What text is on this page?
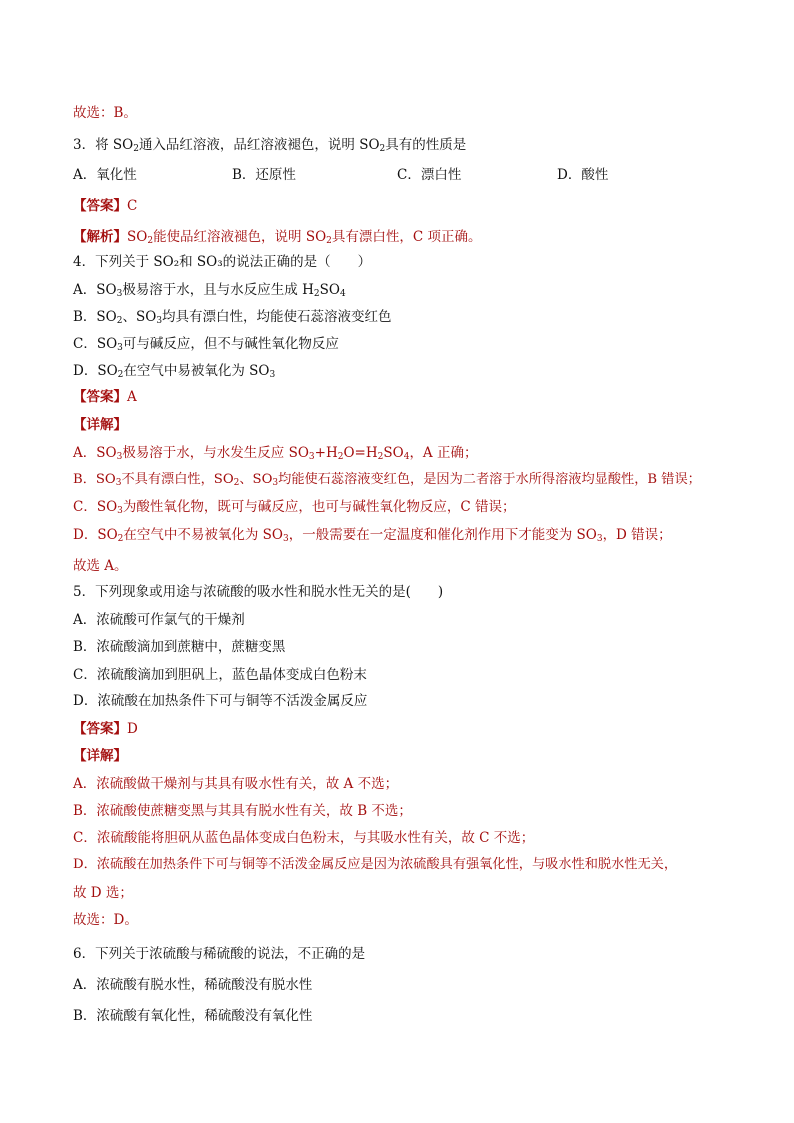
故选：B。
3．将 $SO_2$通入品红溶液，品红溶液褪色，说明 $SO_2$具有的性质是
A．氧化性	B．还原性	C．漂白性	D．酸性
【答案】C
【解析】$SO_2$能使品红溶液褪色，说明 $SO_2$具有漂白性，C 项正确。
4．下列关于 SO₂和 SO₃的说法正确的是（　　）
A．$SO_3$极易溶于水，且与水反应生成 $H_2SO_4$
B．$SO_2$、$SO_3$均具有漂白性，均能使石蕊溶液变红色
C．$SO_3$可与碱反应，但不与碱性氧化物反应
D．$SO_2$在空气中易被氧化为 $SO_3$
【答案】A
【详解】
A．$SO_3$极易溶于水，与水发生反应 $SO_3+H_2O=H_2SO_4$，A 正确；
B．$SO_3$不具有漂白性，$SO_2$、$SO_3$均能使石蕊溶液变红色，是因为二者溶于水所得溶液均显酸性，B 错误；
C．$SO_3$为酸性氧化物，既可与碱反应，也可与碱性氧化物反应，C 错误；
D．$SO_2$在空气中不易被氧化为 $SO_3$，一般需要在一定温度和催化剂作用下才能变为 $SO_3$，D 错误；
故选 A。
5．下列现象或用途与浓硫酸的吸水性和脱水性无关的是(　　)
A．浓硫酸可作氯气的干燥剂
B．浓硫酸滴加到蔗糖中，蔗糖变黑
C．浓硫酸滴加到胆矾上，蓝色晶体变成白色粉末
D．浓硫酸在加热条件下可与铜等不活泼金属反应
【答案】D
【详解】
A．浓硫酸做干燥剂与其具有吸水性有关，故 A 不选；
B．浓硫酸使蔗糖变黑与其具有脱水性有关，故 B 不选；
C．浓硫酸能将胆矾从蓝色晶体变成白色粉末，与其吸水性有关，故 C 不选；
D．浓硫酸在加热条件下可与铜等不活泼金属反应是因为浓硫酸具有强氧化性，与吸水性和脱水性无关，
故 D 选；
故选：D。
6．下列关于浓硫酸与稀硫酸的说法，不正确的是
A．浓硫酸有脱水性，稀硫酸没有脱水性
B．浓硫酸有氧化性，稀硫酸没有氧化性
